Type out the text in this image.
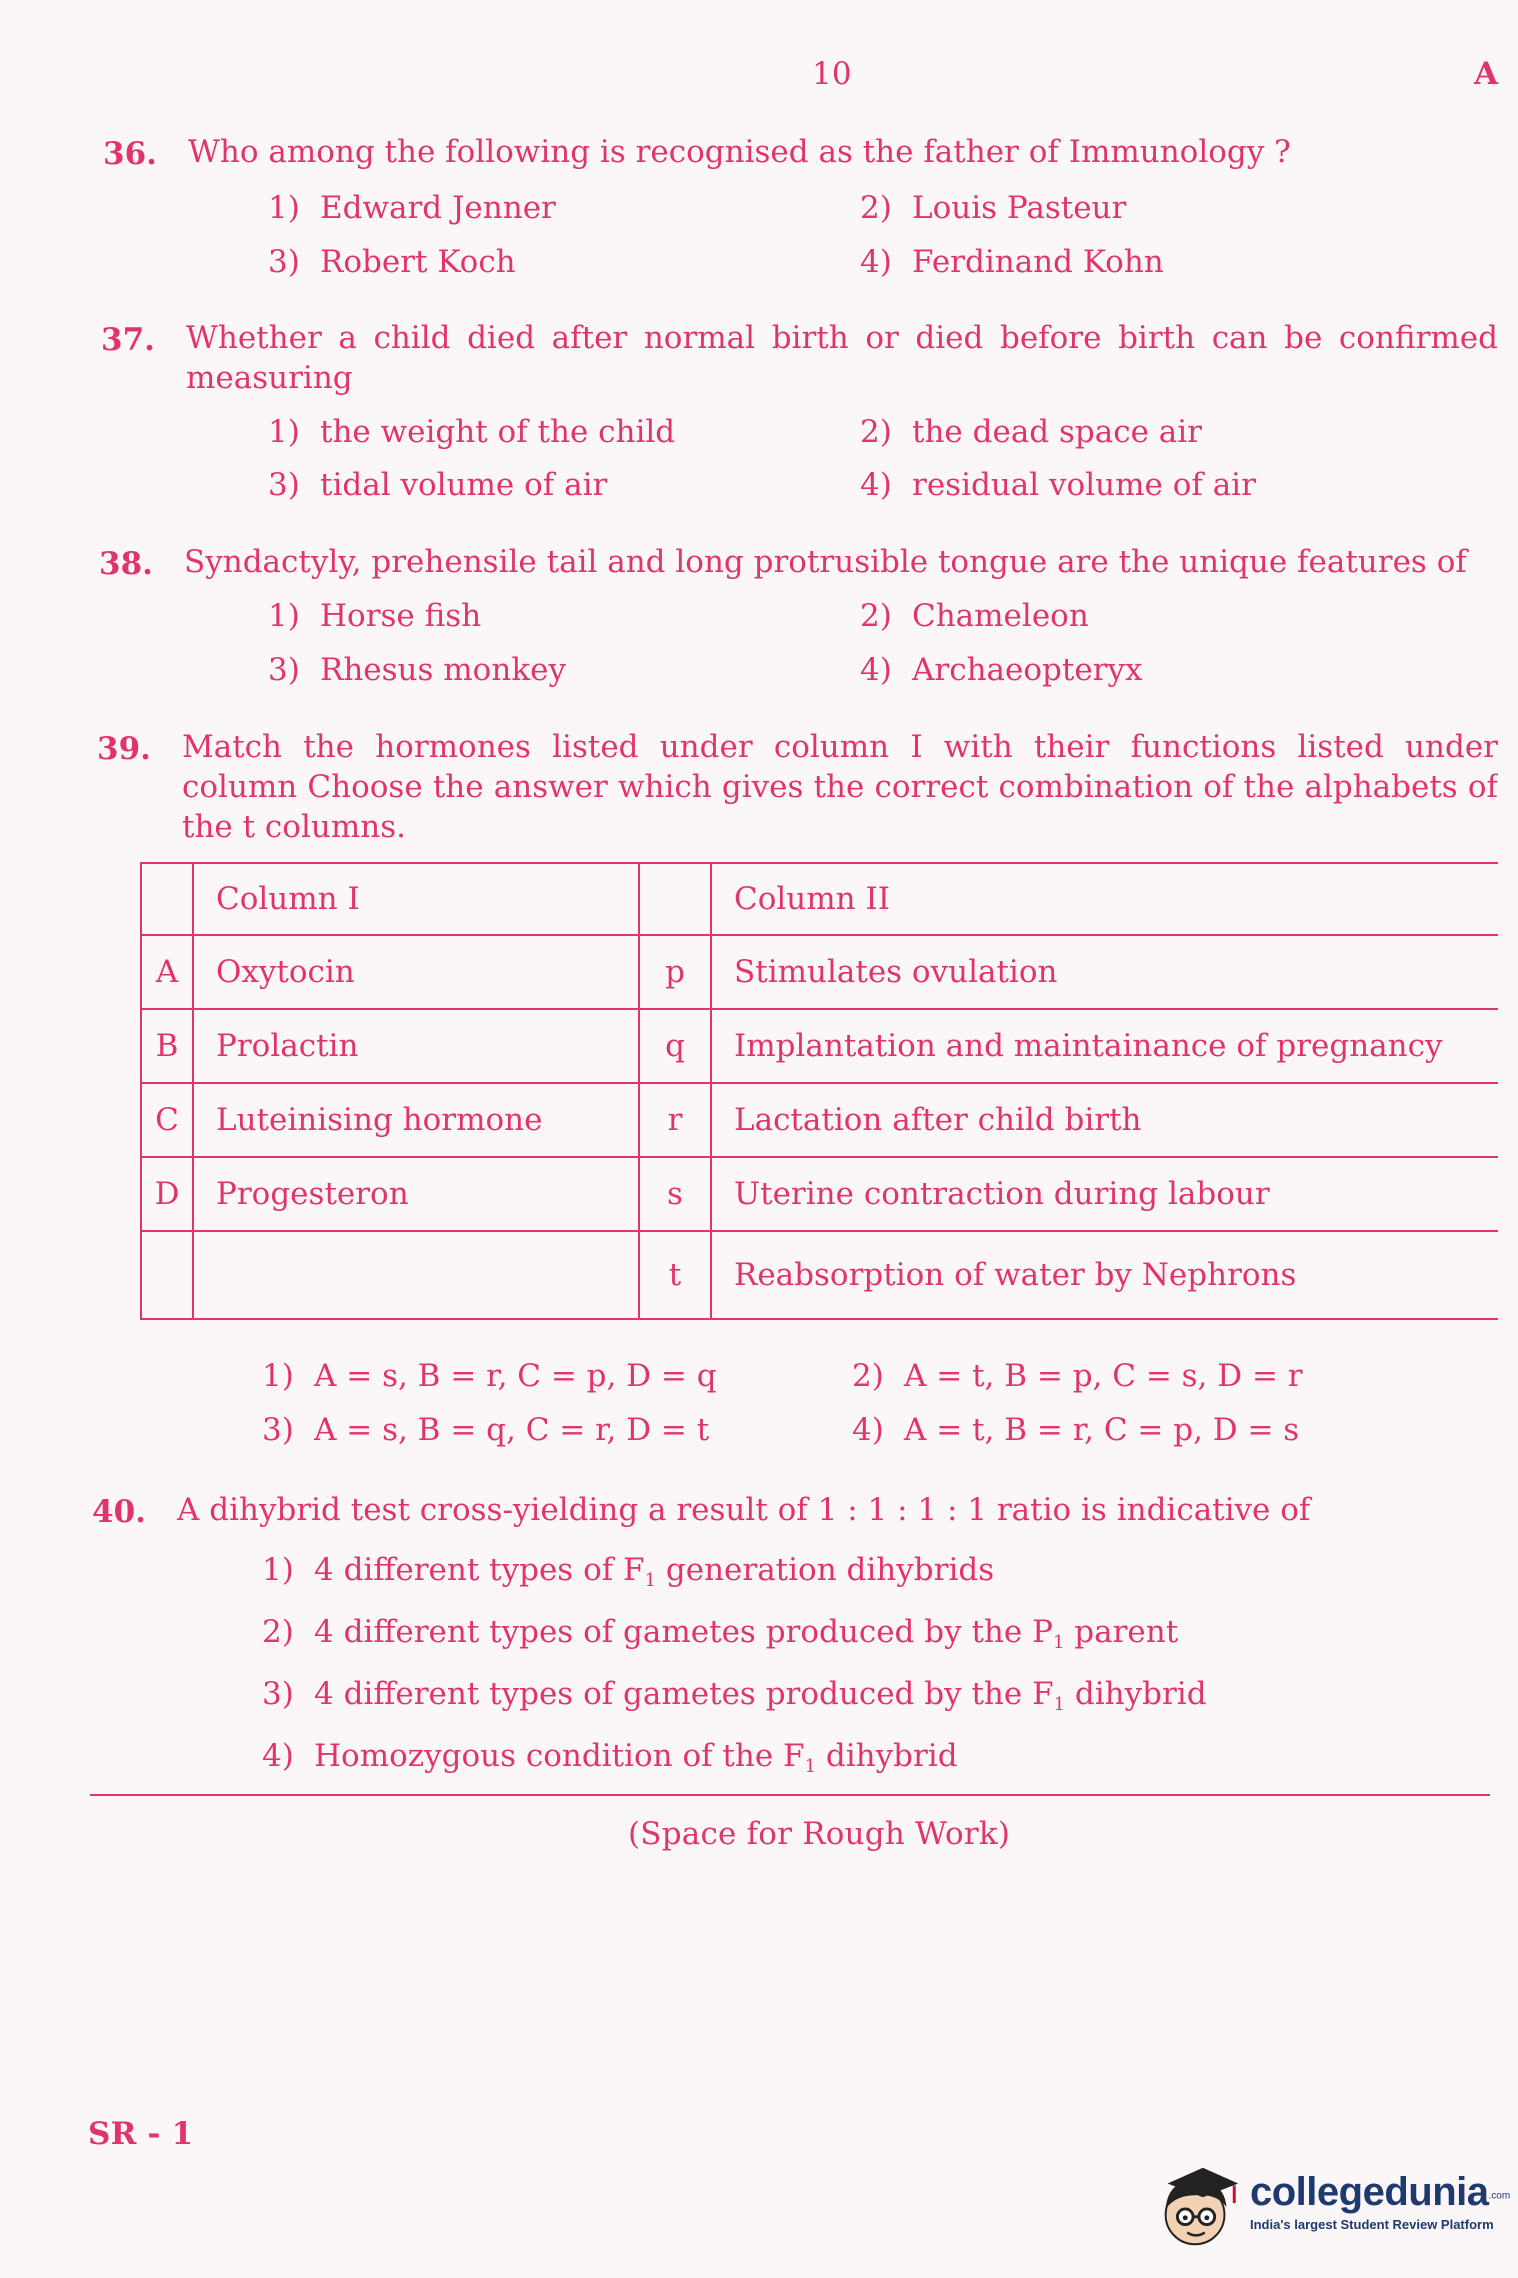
10	A
36. Who among the following is recognised as the father of Immunology ?
1) Edward Jenner	2) Louis Pasteur
3) Robert Koch	4) Ferdinand Kohn
37. Whether a child died after normal birth or died before birth can be confirmed measuring
1) the weight of the child	2) the dead space air
3) tidal volume of air	4) residual volume of air
38. Syndactyly, prehensile tail and long protrusible tongue are the unique features of
1) Horse fish	2) Chameleon
3) Rhesus monkey	4) Archaeopteryx
39. Match the hormones listed under column I with their functions listed under column Choose the answer which gives the correct combination of the alphabets of the t columns.
	Column I		Column II
A	Oxytocin	p	Stimulates ovulation
B	Prolactin	q	Implantation and maintainance of pregnancy
C	Luteinising hormone	r	Lactation after child birth
D	Progesteron	s	Uterine contraction during labour
		t	Reabsorption of water by Nephrons
1) A = s, B = r, C = p, D = q	2) A = t, B = p, C = s, D = r
3) A = s, B = q, C = r, D = t	4) A = t, B = r, C = p, D = s
40. A dihybrid test cross-yielding a result of 1 : 1 : 1 : 1 ratio is indicative of
1) 4 different types of $F_1$ generation dihybrids
2) 4 different types of gametes produced by the $P_1$ parent
3) 4 different types of gametes produced by the $F_1$ dihybrid
4) Homozygous condition of the $F_1$ dihybrid
(Space for Rough Work)
SR - 1
collegedunia$^{.com}$
India's largest Student Review Platform
